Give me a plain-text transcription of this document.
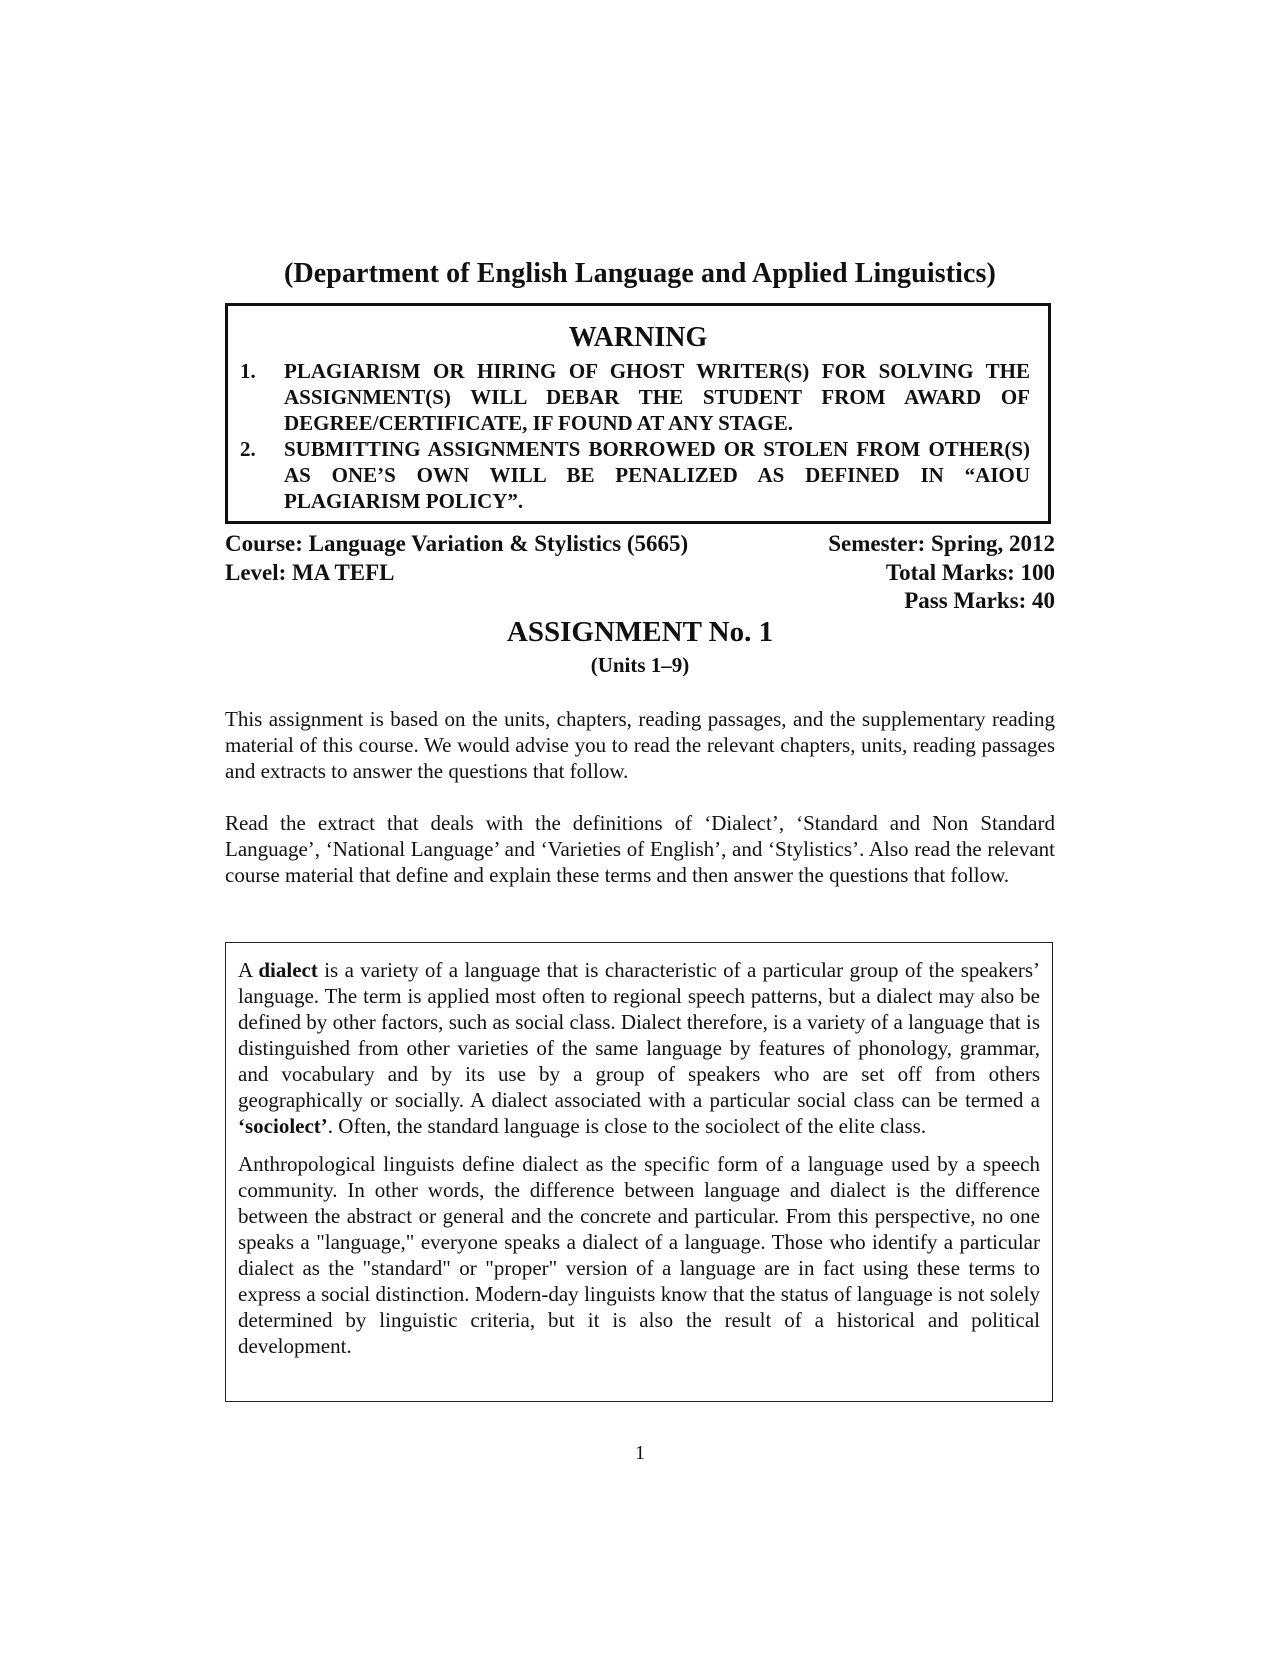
(Department of English Language and Applied Linguistics)
WARNING
1. PLAGIARISM OR HIRING OF GHOST WRITER(S) FOR SOLVING THE ASSIGNMENT(S) WILL DEBAR THE STUDENT FROM AWARD OF DEGREE/CERTIFICATE, IF FOUND AT ANY STAGE.
2. SUBMITTING ASSIGNMENTS BORROWED OR STOLEN FROM OTHER(S) AS ONE’S OWN WILL BE PENALIZED AS DEFINED IN “AIOU PLAGIARISM POLICY”.
Course: Language Variation & Stylistics (5665)	Semester: Spring, 2012
Level: MA TEFL	Total Marks: 100
Pass Marks: 40
ASSIGNMENT No. 1
(Units 1–9)
This assignment is based on the units, chapters, reading passages, and the supplementary reading material of this course. We would advise you to read the relevant chapters, units, reading passages and extracts to answer the questions that follow.
Read the extract that deals with the definitions of ‘Dialect’, ‘Standard and Non Standard Language’, ‘National Language’ and ‘Varieties of English’, and ‘Stylistics’. Also read the relevant course material that define and explain these terms and then answer the questions that follow.

A dialect is a variety of a language that is characteristic of a particular group of the speakers’ language. The term is applied most often to regional speech patterns, but a dialect may also be defined by other factors, such as social class. Dialect therefore, is a variety of a language that is distinguished from other varieties of the same language by features of phonology, grammar, and vocabulary and by its use by a group of speakers who are set off from others geographically or socially. A dialect associated with a particular social class can be termed a ‘sociolect’. Often, the standard language is close to the sociolect of the elite class.

Anthropological linguists define dialect as the specific form of a language used by a speech community. In other words, the difference between language and dialect is the difference between the abstract or general and the concrete and particular. From this perspective, no one speaks a "language," everyone speaks a dialect of a language. Those who identify a particular dialect as the "standard" or "proper" version of a language are in fact using these terms to express a social distinction. Modern-day linguists know that the status of language is not solely determined by linguistic criteria, but it is also the result of a historical and political development.

1
